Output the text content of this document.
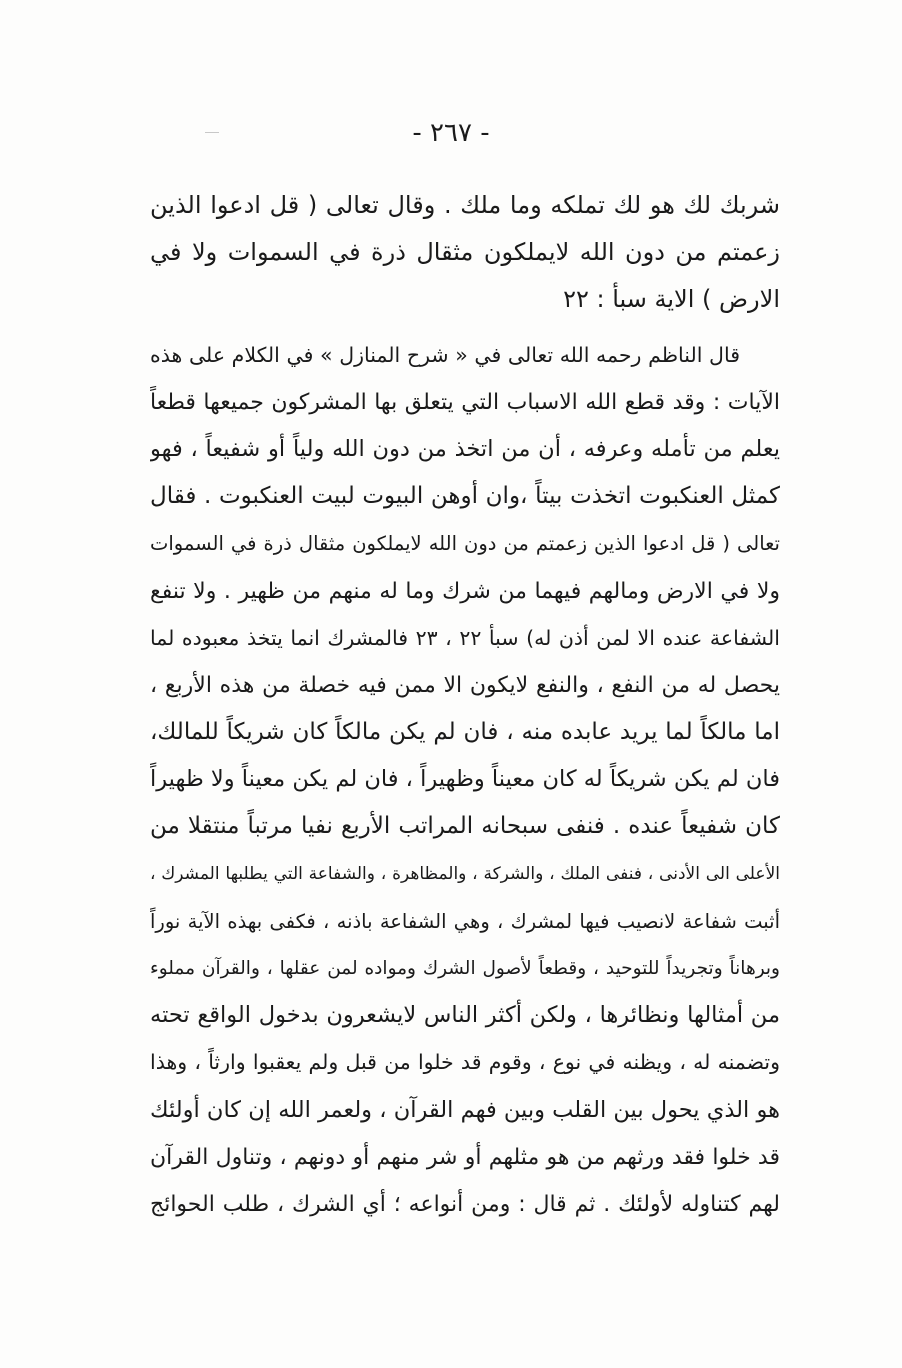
- ٢٦٧ -
شربك لك هو لك تملكه وما ملك . وقال تعالى ( قل ادعوا الذين
زعمتم من دون الله لايملكون مثقال ذرة في السموات ولا في
الارض ) الاية سبأ : ٢٢
قال الناظم رحمه الله تعالى في « شرح المنازل » في الكلام على هذه
الآيات : وقد قطع الله الاسباب التي يتعلق بها المشركون جميعها قطعاً
يعلم من تأمله وعرفه ، أن من اتخذ من دون الله ولياً أو شفيعاً ، فهو
كمثل العنكبوت اتخذت بيتاً ،وان أوهن البيوت لبيت العنكبوت . فقال
تعالى ( قل ادعوا الذين زعمتم من دون الله لايملكون مثقال ذرة في السموات
ولا في الارض ومالهم فيهما من شرك وما له منهم من ظهير . ولا تنفع
الشفاعة عنده الا لمن أذن له) سبأ ٢٢ ، ٢٣ فالمشرك انما يتخذ معبوده لما
يحصل له من النفع ، والنفع لايكون الا ممن فيه خصلة من هذه الأربع ،
اما مالكاً لما يريد عابده منه ، فان لم يكن مالكاً كان شريكاً للمالك،
فان لم يكن شريكاً له كان معيناً وظهيراً ، فان لم يكن معيناً ولا ظهيراً
كان شفيعاً عنده . فنفى سبحانه المراتب الأربع نفيا مرتباً منتقلا من
الأعلى الى الأدنى ، فنفى الملك ، والشركة ، والمظاهرة ، والشفاعة التي يطلبها المشرك ،
أثبت شفاعة لانصيب فيها لمشرك ، وهي الشفاعة باذنه ، فكفى بهذه الآية نوراً
وبرهاناً وتجريداً للتوحيد ، وقطعاً لأصول الشرك ومواده لمن عقلها ، والقرآن مملوء
من أمثالها ونظائرها ، ولكن أكثر الناس لايشعرون بدخول الواقع تحته
وتضمنه له ، ويظنه في نوع ، وقوم قد خلوا من قبل ولم يعقبوا وارثاً ، وهذا
هو الذي يحول بين القلب وبين فهم القرآن ، ولعمر الله إن كان أولئك
قد خلوا فقد ورثهم من هو مثلهم أو شر منهم أو دونهم ، وتناول القرآن
لهم كتناوله لأولئك . ثم قال : ومن أنواعه ؛ أي الشرك ، طلب الحوائج
